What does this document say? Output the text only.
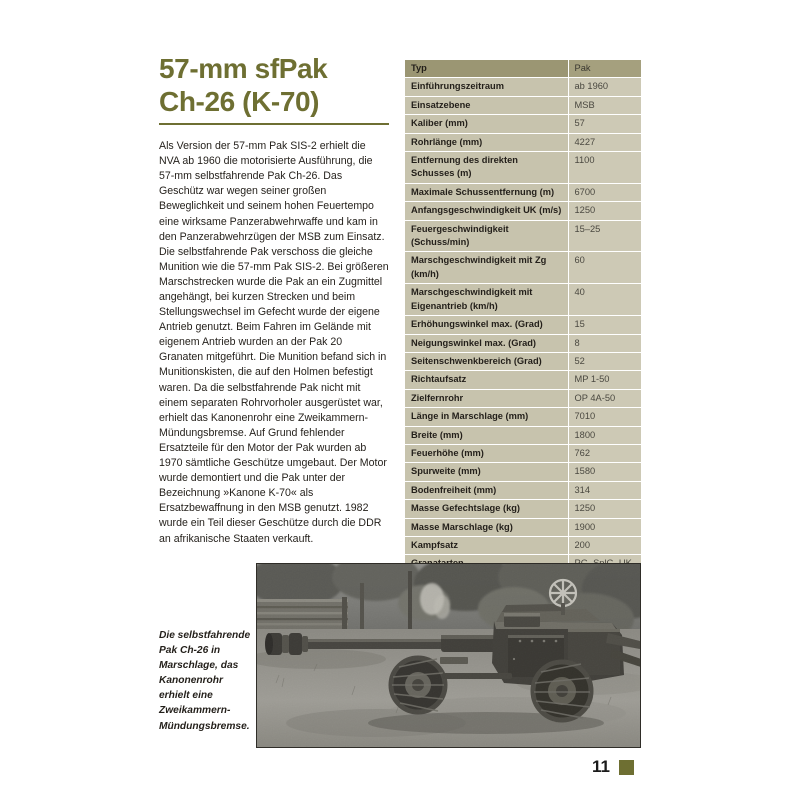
57-mm sfPak
Ch-26 (K-70)

Als Version der 57-mm Pak SIS-2 erhielt die NVA ab 1960 die motorisierte Ausführung, die 57-mm selbstfahrende Pak Ch-26. Das Geschütz war wegen seiner großen Beweglichkeit und seinem hohen Feuertempo eine wirksame Panzerabwehrwaffe und kam in den Panzerabwehrzügen der MSB zum Einsatz. Die selbstfahrende Pak verschoss die gleiche Munition wie die 57-mm Pak SIS-2. Bei größeren Marschstrecken wurde die Pak an ein Zugmittel angehängt, bei kurzen Strecken und beim Stellungswechsel im Gefecht wurde der eigene Antrieb genutzt. Beim Fahren im Gelände mit eigenem Antrieb wurden an der Pak 20 Granaten mitgeführt. Die Munition befand sich in Munitionskisten, die auf den Holmen befestigt waren. Da die selbstfahrende Pak nicht mit einem separaten Rohrvorholer ausgerüstet war, erhielt das Kanonenrohr eine Zweikammern-Mündungsbremse. Auf Grund fehlender Ersatzteile für den Motor der Pak wurden ab 1970 sämtliche Geschütze umgebaut. Der Motor wurde demontiert und die Pak unter der Bezeichnung »Kanone K-70« als Ersatzbewaffnung in den MSB genutzt. 1982 wurde ein Teil dieser Geschütze durch die DDR an afrikanische Staaten verkauft.

Die selbstfahrende Pak Ch-26 in Marschlage, das Kanonenrohr erhielt eine Zweikammern-Mündungsbremse.
Typ	Pak
Einführungszeitraum	ab 1960
Einsatzebene	MSB
Kaliber (mm)	57
Rohrlänge (mm)	4227
Entfernung des direkten Schusses (m)	1100
Maximale Schussentfernung (m)	6700
Anfangsgeschwindigkeit UK (m/s)	1250
Feuergeschwindigkeit (Schuss/min)	15–25
Marschgeschwindigkeit mit Zg (km/h)	60
Marschgeschwindigkeit mit Eigenantrieb (km/h)	40
Erhöhungswinkel max. (Grad)	15
Neigungswinkel max. (Grad)	8
Seitenschwenkbereich (Grad)	52
Richtaufsatz	MP 1-50
Zielfernrohr	OP 4A-50
Länge in Marschlage (mm)	7010
Breite (mm)	1800
Feuerhöhe (mm)	762
Spurweite (mm)	1580
Bodenfreiheit (mm)	314
Masse Gefechtslage (kg)	1250
Masse Marschlage (kg)	1900
Kampfsatz	200

11
